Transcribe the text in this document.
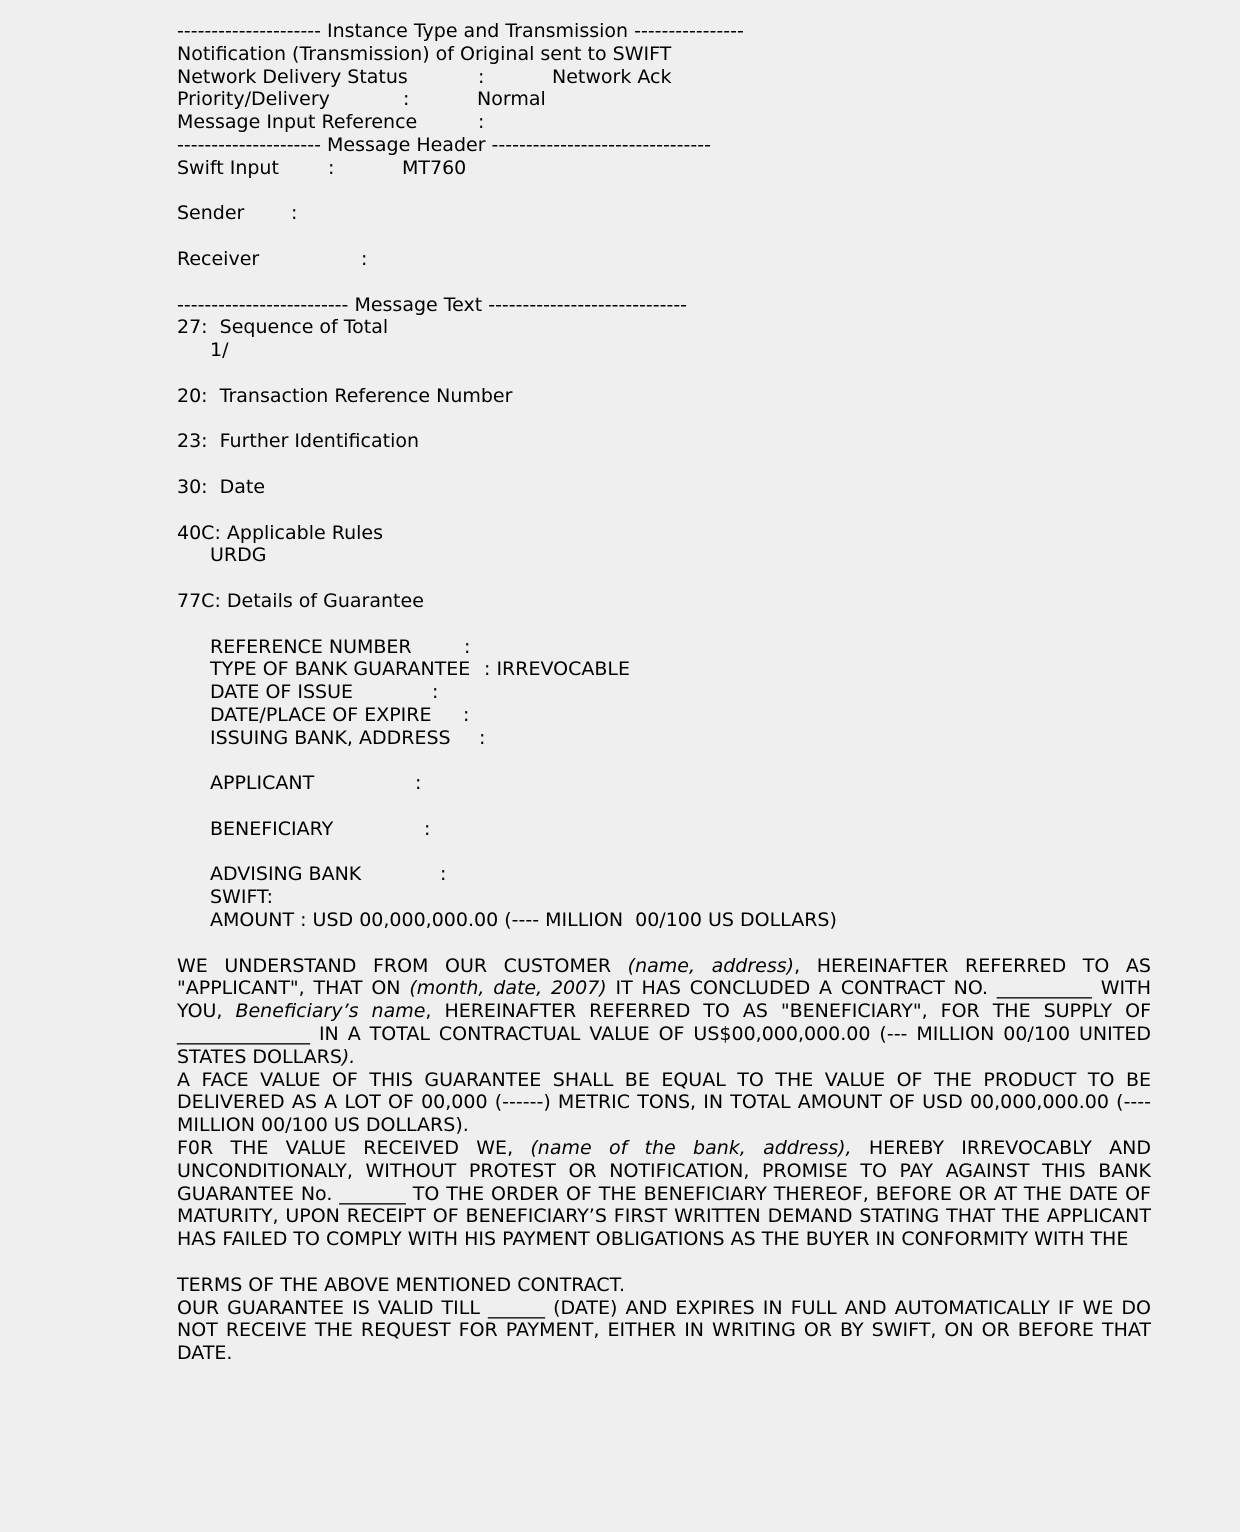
--------------------- Instance Type and Transmission ----------------
Notification (Transmission) of Original sent to SWIFT
Network Delivery Status	:	Network Ack
Priority/Delivery	:	Normal
Message Input Reference	:
--------------------- Message Header --------------------------------
Swift Input	:	MT760
Sender	:
Receiver	:
------------------------- Message Text -----------------------------
27:  Sequence of Total
1/
20:  Transaction Reference Number
23:  Further Identification
30:  Date
40C: Applicable Rules
URDG
77C: Details of Guarantee
REFERENCE NUMBER	:
TYPE OF BANK GUARANTEE : IRREVOCABLE
DATE OF ISSUE	:
DATE/PLACE OF EXPIRE	:
ISSUING BANK, ADDRESS	:
APPLICANT	:
BENEFICIARY	:
ADVISING BANK	:
SWIFT:
AMOUNT : USD 00,000,000.00 (---- MILLION  00/100 US DOLLARS)
WE UNDERSTAND FROM OUR CUSTOMER (name, address), HEREINAFTER REFERRED TO AS "APPLICANT", THAT ON (month, date, 2007) IT HAS CONCLUDED A CONTRACT NO. __________ WITH YOU, Beneficiary’s name, HEREINAFTER REFERRED TO AS "BENEFICIARY", FOR THE SUPPLY OF ______________ IN A TOTAL CONTRACTUAL VALUE OF US$00,000,000.00 (--- MILLION 00/100 UNITED STATES DOLLARS).
A FACE VALUE OF THIS GUARANTEE SHALL BE EQUAL TO THE VALUE OF THE PRODUCT TO BE DELIVERED AS A LOT OF 00,000 (------) METRIC TONS, IN TOTAL AMOUNT OF USD 00,000,000.00 (----MILLION 00/100 US DOLLARS).
F0R THE VALUE RECEIVED WE, (name of the bank, address), HEREBY IRREVOCABLY AND UNCONDITIONALY, WITHOUT PROTEST OR NOTIFICATION, PROMISE TO PAY AGAINST THIS BANK GUARANTEE No. _______ TO THE ORDER OF THE BENEFICIARY THEREOF, BEFORE OR AT THE DATE OF MATURITY, UPON RECEIPT OF BENEFICIARY’S FIRST WRITTEN DEMAND STATING THAT THE APPLICANT HAS FAILED TO COMPLY WITH HIS PAYMENT OBLIGATIONS AS THE BUYER IN CONFORMITY WITH THE
TERMS OF THE ABOVE MENTIONED CONTRACT.
OUR GUARANTEE IS VALID TILL ______ (DATE) AND EXPIRES IN FULL AND AUTOMATICALLY IF WE DO NOT RECEIVE THE REQUEST FOR PAYMENT, EITHER IN WRITING OR BY SWIFT, ON OR BEFORE THAT DATE.
